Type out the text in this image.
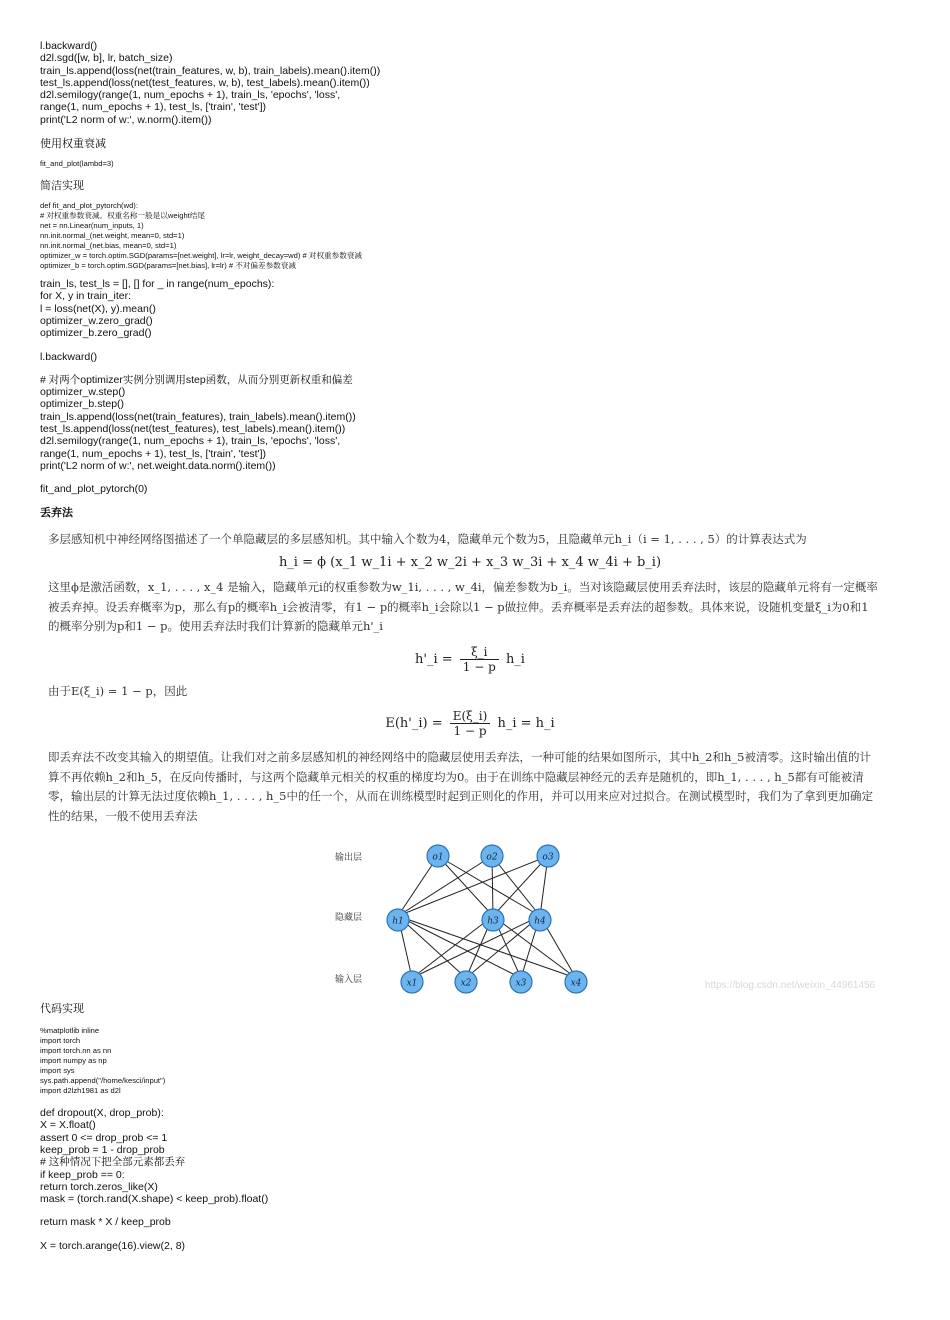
l.backward()
d2l.sgd([w, b], lr, batch_size)
train_ls.append(loss(net(train_features, w, b), train_labels).mean().item())
test_ls.append(loss(net(test_features, w, b), test_labels).mean().item())
d2l.semilogy(range(1, num_epochs + 1), train_ls, 'epochs', 'loss',
range(1, num_epochs + 1), test_ls, ['train', 'test'])
print('L2 norm of w:', w.norm().item())
使用权重衰减
fit_and_plot(lambd=3)
简洁实现
def fit_and_plot_pytorch(wd):
# 对权重参数衰减。权重名称一般是以weight结尾
net = nn.Linear(num_inputs, 1)
nn.init.normal_(net.weight, mean=0, std=1)
nn.init.normal_(net.bias, mean=0, std=1)
optimizer_w = torch.optim.SGD(params=[net.weight], lr=lr, weight_decay=wd) # 对权重参数衰减
optimizer_b = torch.optim.SGD(params=[net.bias], lr=lr) # 不对偏差参数衰减
train_ls, test_ls = [], [] for _ in range(num_epochs):
for X, y in train_iter:
l = loss(net(X), y).mean()
optimizer_w.zero_grad()
optimizer_b.zero_grad()
l.backward()
# 对两个optimizer实例分别调用step函数，从而分别更新权重和偏差
optimizer_w.step()
optimizer_b.step()
train_ls.append(loss(net(train_features), train_labels).mean().item())
test_ls.append(loss(net(test_features), test_labels).mean().item())
d2l.semilogy(range(1, num_epochs + 1), train_ls, 'epochs', 'loss',
range(1, num_epochs + 1), test_ls, ['train', 'test'])
print('L2 norm of w:', net.weight.data.norm().item())
fit_and_plot_pytorch(0)
丢弃法
多层感知机中神经网络图描述了一个单隐藏层的多层感知机。其中输入个数为4，隐藏单元个数为5，且隐藏单元h_i（i = 1, . . . , 5）的计算表达式为
h_i = ϕ (x_1 w_1i + x_2 w_2i + x_3 w_3i + x_4 w_4i + b_i)
这里ϕ是激活函数，x_1, . . . , x_4 是输入，隐藏单元i的权重参数为w_1i, . . . , w_4i，偏差参数为b_i。当对该隐藏层使用丢弃法时，该层的隐藏单元将有一定概率被丢弃掉。设丢弃概率为p，那么有p的概率h_i会被清零，有1 − p的概率h_i会除以1 − p做拉伸。丢弃概率是丢弃法的超参数。具体来说，设随机变量ξ_i为0和1的概率分别为p和1 − p。使用丢弃法时我们计算新的隐藏单元h'_i
h'_i = $\frac{\xi\_i}{1 - p}$ h_i
由于E(ξ_i) = 1 − p，因此
E(h'_i) = $\frac{E(\xi\_i)}{1 - p}$ h_i = h_i
即丢弃法不改变其输入的期望值。让我们对之前多层感知机的神经网络中的隐藏层使用丢弃法，一种可能的结果如图所示，其中h_2和h_5被清零。这时输出值的计算不再依赖h_2和h_5，在反向传播时，与这两个隐藏单元相关的权重的梯度均为0。由于在训练中隐藏层神经元的丢弃是随机的，即h_1, . . . , h_5都有可能被清零，输出层的计算无法过度依赖h_1, . . . , h_5中的任一个，从而在训练模型时起到正则化的作用，并可以用来应对过拟合。在测试模型时，我们为了拿到更加确定性的结果，一般不使用丢弃法
输出层
隐藏层
输入层
o1	o2	o3
h1	h3	h4
x1	x2	x3	x4	https://blog.csdn.net/weixin_44961456
代码实现
%matplotlib inline
import torch
import torch.nn as nn
import numpy as np
import sys
sys.path.append("/home/kesci/input")
import d2lzh1981 as d2l
def dropout(X, drop_prob):
X = X.float()
assert 0 <= drop_prob <= 1
keep_prob = 1 - drop_prob
# 这种情况下把全部元素都丢弃
if keep_prob == 0:
return torch.zeros_like(X)
mask = (torch.rand(X.shape) < keep_prob).float()
return mask * X / keep_prob
X = torch.arange(16).view(2, 8)
